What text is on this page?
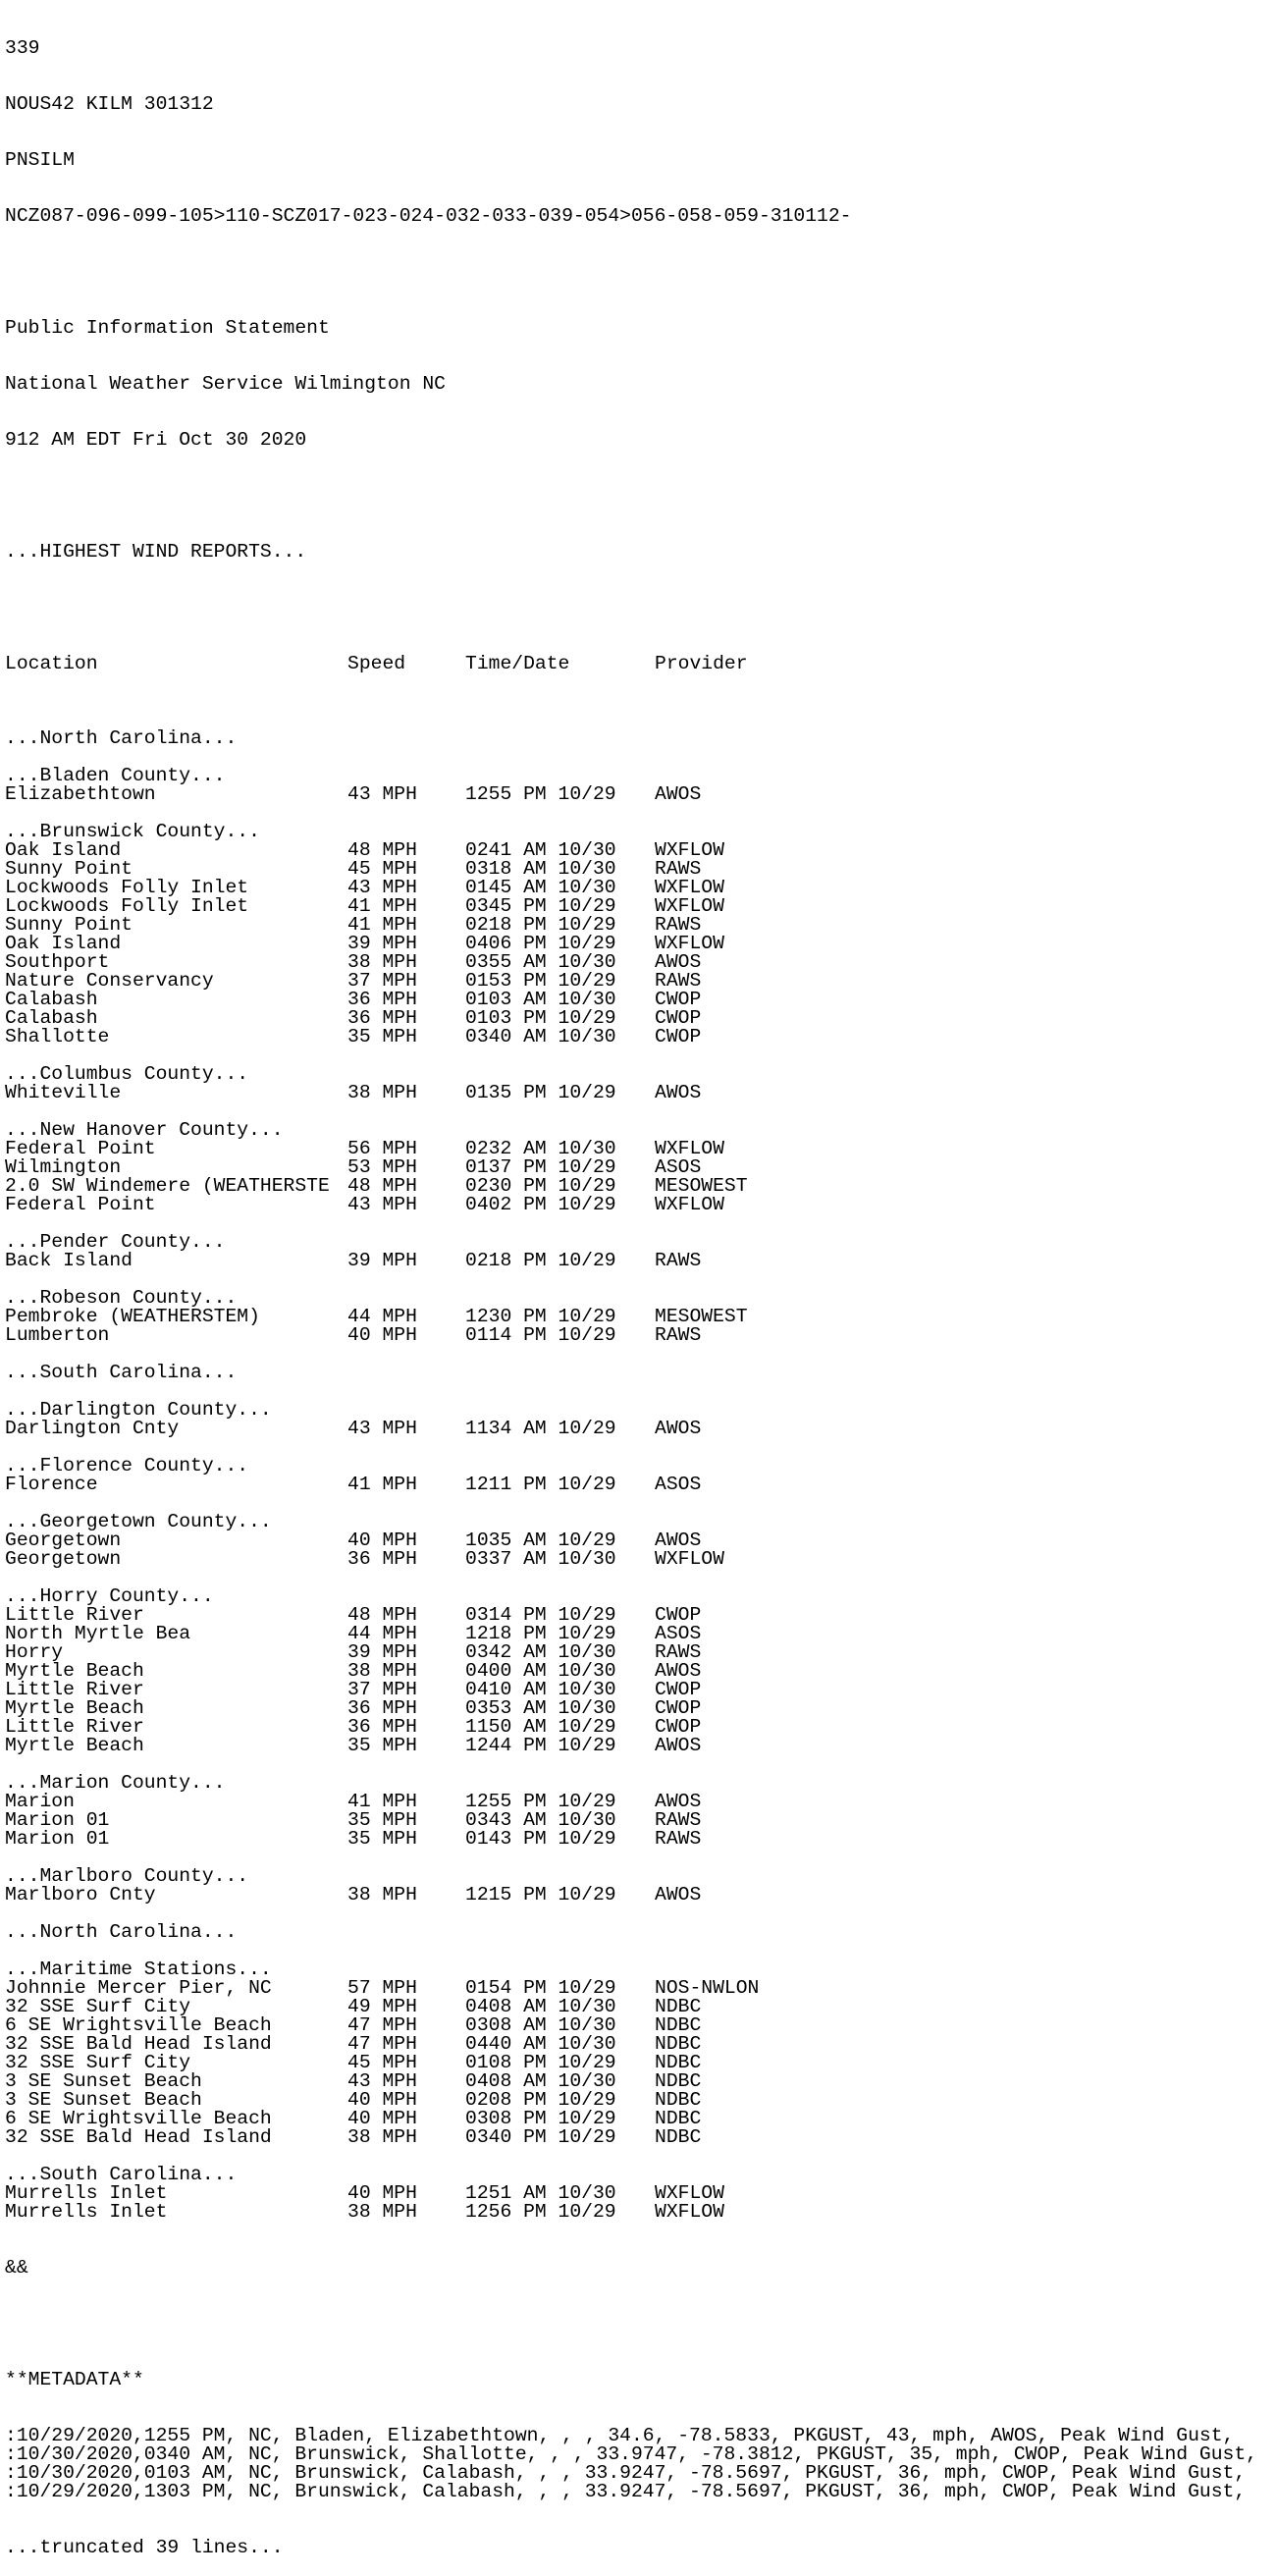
339

NOUS42 KILM 301312

PNSILM

NCZ087-096-099-105>110-SCZ017-023-024-032-033-039-054>056-058-059-310112-

Public Information Statement

National Weather Service Wilmington NC

912 AM EDT Fri Oct 30 2020

...HIGHEST WIND REPORTS...

Location	Speed	Time/Date	Provider

...North Carolina...
...Bladen County...
Elizabethtown	43 MPH 1255 PM 10/29 AWOS
...Brunswick County...
Oak Island	48 MPH 0241 AM 10/30 WXFLOW
Sunny Point	45 MPH 0318 AM 10/30 RAWS
Lockwoods Folly Inlet	43 MPH 0145 AM 10/30 WXFLOW
Lockwoods Folly Inlet	41 MPH 0345 PM 10/29 WXFLOW
Sunny Point	41 MPH 0218 PM 10/29 RAWS
Oak Island	39 MPH 0406 PM 10/29 WXFLOW
Southport	38 MPH 0355 AM 10/30 AWOS
Nature Conservancy	37 MPH 0153 PM 10/29 RAWS
Calabash	36 MPH 0103 AM 10/30 CWOP
Calabash	36 MPH 0103 PM 10/29 CWOP
Shallotte	35 MPH 0340 AM 10/30 CWOP
...Columbus County...
Whiteville	38 MPH 0135 PM 10/29 AWOS
...New Hanover County...
Federal Point	56 MPH 0232 AM 10/30 WXFLOW
Wilmington	53 MPH 0137 PM 10/29 ASOS
2.0 SW Windemere (WEATHERSTE 48 MPH 0230 PM 10/29 MESOWEST
Federal Point	43 MPH 0402 PM 10/29 WXFLOW
...Pender County...
Back Island	39 MPH 0218 PM 10/29 RAWS
...Robeson County...
Pembroke (WEATHERSTEM)	44 MPH 1230 PM 10/29 MESOWEST
Lumberton	40 MPH 0114 PM 10/29 RAWS
...South Carolina...
...Darlington County...
Darlington Cnty	43 MPH 1134 AM 10/29 AWOS
...Florence County...
Florence	41 MPH 1211 PM 10/29 ASOS
...Georgetown County...
Georgetown	40 MPH 1035 AM 10/29 AWOS
Georgetown	36 MPH 0337 AM 10/30 WXFLOW
...Horry County...
Little River	48 MPH 0314 PM 10/29 CWOP
North Myrtle Bea	44 MPH 1218 PM 10/29 ASOS
Horry	39 MPH 0342 AM 10/30 RAWS
Myrtle Beach	38 MPH 0400 AM 10/30 AWOS
Little River	37 MPH 0410 AM 10/30 CWOP
Myrtle Beach	36 MPH 0353 AM 10/30 CWOP
Little River	36 MPH 1150 AM 10/29 CWOP
Myrtle Beach	35 MPH 1244 PM 10/29 AWOS
...Marion County...
Marion	41 MPH 1255 PM 10/29 AWOS
Marion 01	35 MPH 0343 AM 10/30 RAWS
Marion 01	35 MPH 0143 PM 10/29 RAWS
...Marlboro County...
Marlboro Cnty	38 MPH 1215 PM 10/29 AWOS
...North Carolina...
...Maritime Stations...
Johnnie Mercer Pier, NC	57 MPH 0154 PM 10/29 NOS-NWLON
32 SSE Surf City	49 MPH 0408 AM 10/30 NDBC
6 SE Wrightsville Beach	47 MPH 0308 AM 10/30 NDBC
32 SSE Bald Head Island	47 MPH 0440 AM 10/30 NDBC
32 SSE Surf City	45 MPH 0108 PM 10/29 NDBC
3 SE Sunset Beach	43 MPH 0408 AM 10/30 NDBC
3 SE Sunset Beach	40 MPH 0208 PM 10/29 NDBC
6 SE Wrightsville Beach	40 MPH 0308 PM 10/29 NDBC
32 SSE Bald Head Island	38 MPH 0340 PM 10/29 NDBC
...South Carolina...
Murrells Inlet	40 MPH 1251 AM 10/30 WXFLOW
Murrells Inlet	38 MPH 1256 PM 10/29 WXFLOW

&&

**METADATA**

:10/29/2020,1255 PM, NC, Bladen, Elizabethtown, , , 34.6, -78.5833, PKGUST, 43, mph, AWOS, Peak Wind Gust,
:10/30/2020,0340 AM, NC, Brunswick, Shallotte, , , 33.9747, -78.3812, PKGUST, 35, mph, CWOP, Peak Wind Gust,
:10/30/2020,0103 AM, NC, Brunswick, Calabash, , , 33.9247, -78.5697, PKGUST, 36, mph, CWOP, Peak Wind Gust,
:10/29/2020,1303 PM, NC, Brunswick, Calabash, , , 33.9247, -78.5697, PKGUST, 36, mph, CWOP, Peak Wind Gust,

...truncated 39 lines...
